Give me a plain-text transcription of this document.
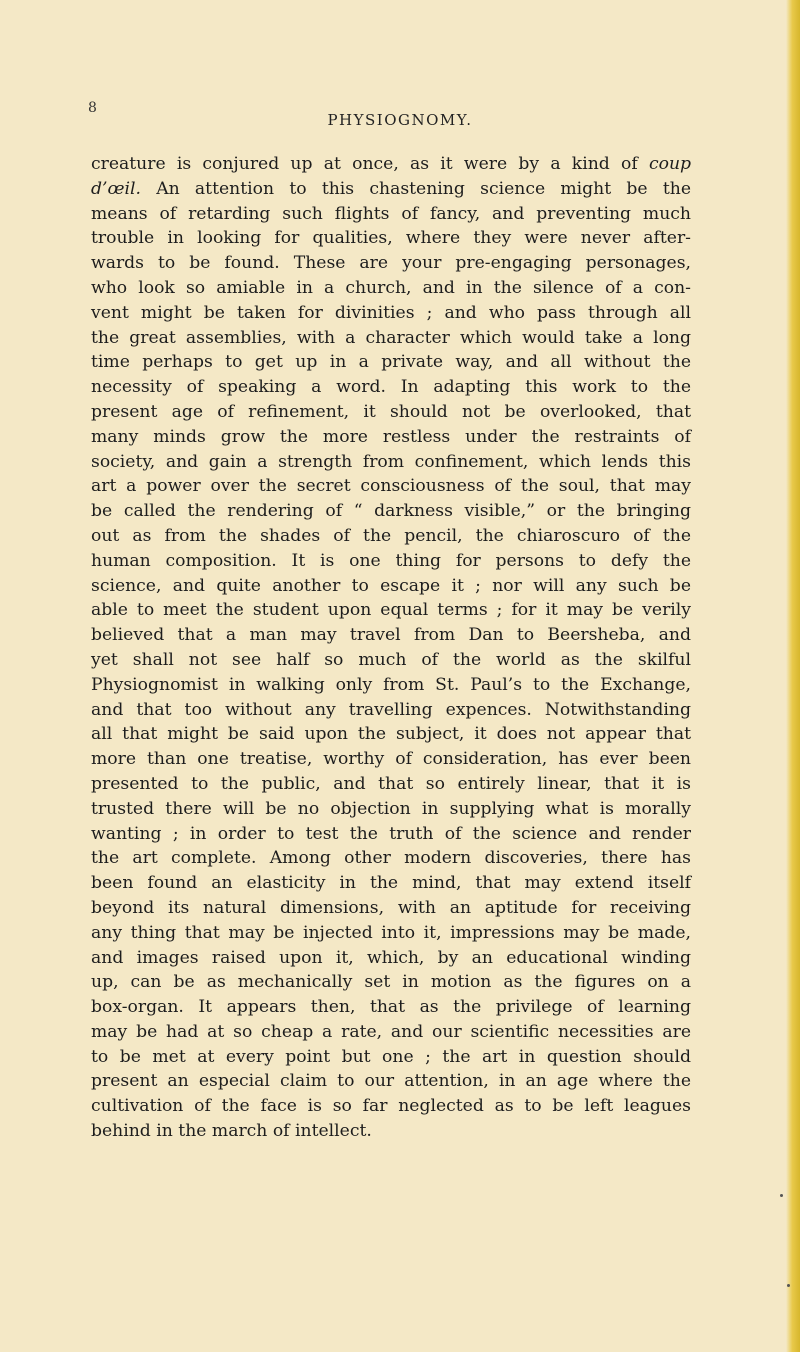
8
PHYSIOGNOMY.
creature is conjured up at once, as it were by a kind of coup
d’œil. An attention to this chastening science might be the
means of retarding such flights of fancy, and preventing much
trouble in looking for qualities, where they were never after-
wards to be found. These are your pre-engaging personages,
who look so amiable in a church, and in the silence of a con-
vent might be taken for divinities ; and who pass through all
the great assemblies, with a character which would take a long
time perhaps to get up in a private way, and all without the
necessity of speaking a word. In adapting this work to the
present age of refinement, it should not be overlooked, that
many minds grow the more restless under the restraints of
society, and gain a strength from confinement, which lends this
art a power over the secret consciousness of the soul, that may
be called the rendering of “ darkness visible,” or the bringing
out as from the shades of the pencil, the chiaroscuro of the
human composition. It is one thing for persons to defy the
science, and quite another to escape it ; nor will any such be
able to meet the student upon equal terms ; for it may be verily
believed that a man may travel from Dan to Beersheba, and
yet shall not see half so much of the world as the skilful
Physiognomist in walking only from St. Paul’s to the Exchange,
and that too without any travelling expences. Notwithstanding
all that might be said upon the subject, it does not appear that
more than one treatise, worthy of consideration, has ever been
presented to the public, and that so entirely linear, that it is
trusted there will be no objection in supplying what is morally
wanting ; in order to test the truth of the science and render
the art complete. Among other modern discoveries, there has
been found an elasticity in the mind, that may extend itself
beyond its natural dimensions, with an aptitude for receiving
any thing that may be injected into it, impressions may be made,
and images raised upon it, which, by an educational winding
up, can be as mechanically set in motion as the figures on a
box-organ. It appears then, that as the privilege of learning
may be had at so cheap a rate, and our scientific necessities are
to be met at every point but one ; the art in question should
present an especial claim to our attention, in an age where the
cultivation of the face is so far neglected as to be left leagues
behind in the march of intellect.
